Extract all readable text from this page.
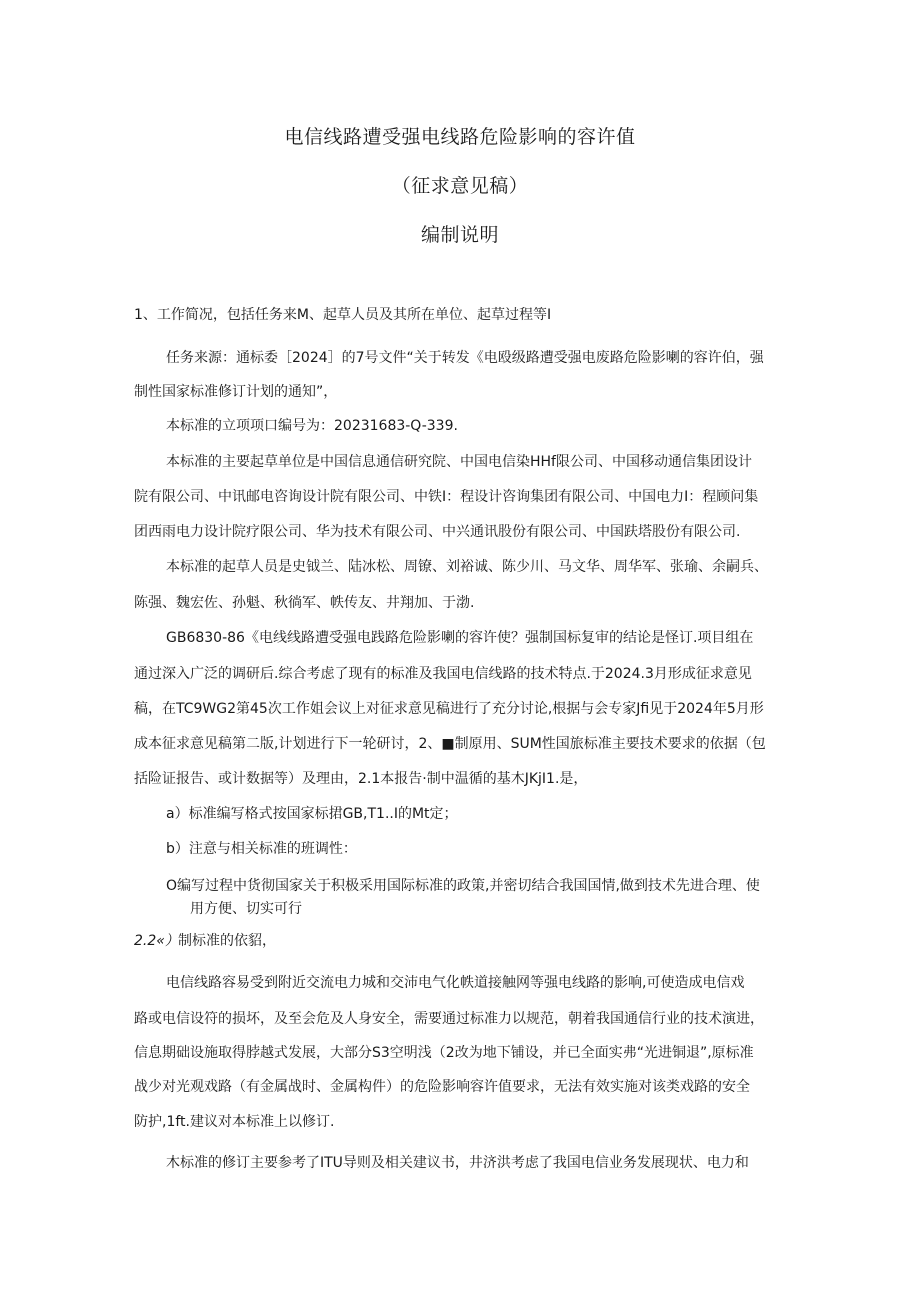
电信线路遭受强电线路危险影响的容许值
（征求意见稿）
编制说明
1、工作简况，包括任务来M、起草人员及其所在单位、起草过程等I
任务来源：通标委［2024］的7号文件“关于转发《电殴级路遭受强电废路危险影喇的容许伯，强
制性国家标准修订计划的通知”，
本标准的立项项口编号为：20231683-Q-339.
本标准的主要起草单位是中国信息通信研究院、中国电信染HHf限公司、中国移动通信集团设计
院有限公司、中讯邮电咨询设计院有限公司、中铁I：程设计咨询集团有限公司、中国电力I：程顾问集
团西雨电力设计院疗限公司、华为技术有限公司、中兴通讯股份有限公司、中国趺塔股份有限公司.
本标准的起草人员是史钺兰、陆冰松、周镣、刘裕诚、陈少川、马文华、周华军、张瑜、余嗣兵、
陈强、魏宏佐、孙魁、秋徜军、帙传友、井翔加、于渤.
GB6830-86《电线线路遭受强电践路危险影喇的容许使？强制国标复审的结论是怪订.项目组在
通过深入广泛的调研后.综合考虑了现有的标准及我国电信线路的技术特点.于2024.3月形成征求意见
稿，在TC9WG2第45次工作姐会议上对征求意见稿进行了充分讨论,根据与会专家Jfi见于2024年5月形
成本征求意见稿第二版,计划进行下一轮研讨，2、■制原用、SUM性国旅标准主要技术要求的依据（包
括险证报告、或计数据等）及理由，2.1本报告·制中温循的基木JKjI1.是，
a）标准编写格式按国家标捃GB,T1..I的Mt定；
b）注意与相关标准的班调性：
O编写过程中货彻国家关于积极采用国际标准的政策,并密切结合我国国情,做到技术先进合理、使
用方便、切实可行
2.2«） 制标准的依貂，
电信线路容易受到附近交流电力城和交沛电气化帙道接触网等强电线路的影响,可使造成电信戏
路或电信设符的损坏，及至会危及人身安全，需要通过标准力以规范，朝着我国通信行业的技术演进，
信息期础设施取得脖越式发展，大部分S3空明浅（2改为地下铺设，并已全面实弗“光进铜退”,原标准
战少对光观戏路（有金属战时、金属构件）的危险影响容许值要求，无法有效实施对该类戏路的安全
防护,1ft.建议对本标准上以修订.
木标准的修订主要参考了ITU导则及相关建议书，井济洪考虑了我国电信业务发展现状、电力和
